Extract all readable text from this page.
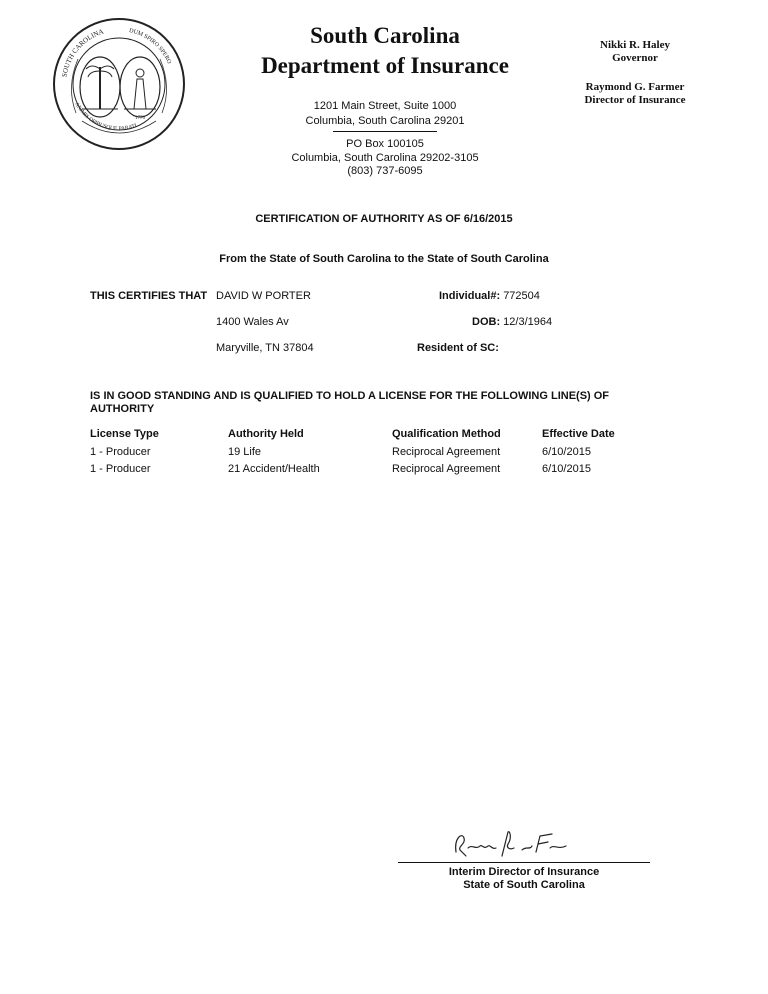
SOUTH CAROLINA	DUM SPIRO SPERO
ANIMIS OPIBUSQUE PARATI
1776
South Carolina
Department of Insurance
1201 Main Street, Suite 1000
Columbia, South Carolina 29201
PO Box 100105
Columbia, South Carolina 29202-3105
(803) 737-6095
Nikki R. Haley
Governor
Raymond G. Farmer
Director of Insurance
CERTIFICATION OF AUTHORITY AS OF 6/16/2015
From the State of South Carolina to the State of South Carolina
THIS CERTIFIES THAT DAVID W PORTER
1400 Wales Av
Maryville, TN 37804
Individual#: 772504
DOB: 12/3/1964
Resident of SC:
IS IN GOOD STANDING AND IS QUALIFIED TO HOLD A LICENSE FOR THE FOLLOWING LINE(S) OF
AUTHORITY
License Type	Authority Held	Qualification Method	Effective Date
1 - Producer	19 Life	Reciprocal Agreement	6/10/2015
1 - Producer	21 Accident/Health	Reciprocal Agreement	6/10/2015
Interim Director of Insurance
State of South Carolina
